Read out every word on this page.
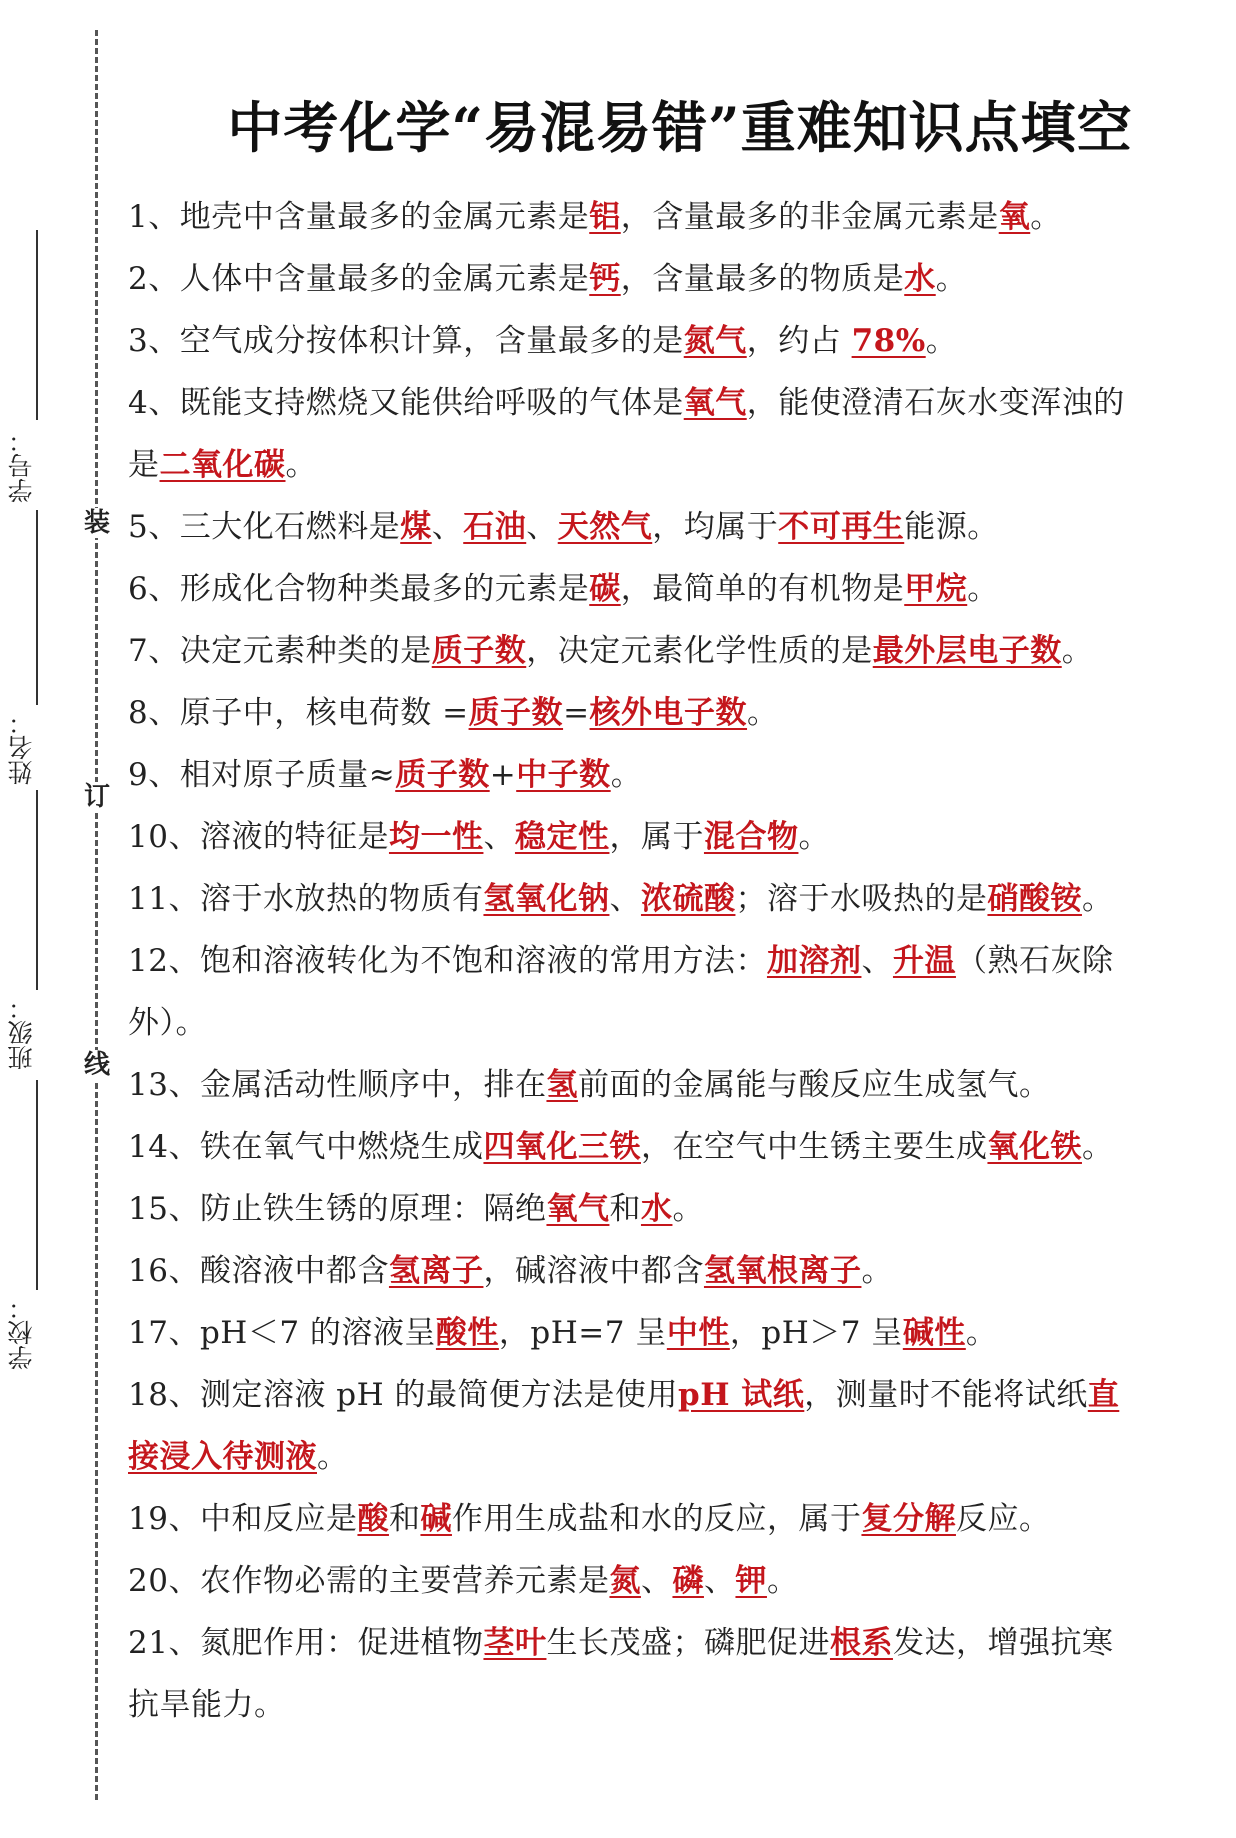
装
订
线
学号：
姓名：
班级：
学校：
中考化学“易混易错”重难知识点填空
1、地壳中含量最多的金属元素是铝，含量最多的非金属元素是氧。
2、人体中含量最多的金属元素是钙，含量最多的物质是水。
3、空气成分按体积计算，含量最多的是氮气，约占 78%。
4、既能支持燃烧又能供给呼吸的气体是氧气，能使澄清石灰水变浑浊的
是二氧化碳。
5、三大化石燃料是煤、石油、天然气，均属于不可再生能源。
6、形成化合物种类最多的元素是碳，最简单的有机物是甲烷。
7、决定元素种类的是质子数，决定元素化学性质的是最外层电子数。
8、原子中，核电荷数 =质子数=核外电子数。
9、相对原子质量≈质子数+中子数。
10、溶液的特征是均一性、稳定性，属于混合物。
11、溶于水放热的物质有氢氧化钠、浓硫酸；溶于水吸热的是硝酸铵。
12、饱和溶液转化为不饱和溶液的常用方法：加溶剂、升温（熟石灰除
外）。
13、金属活动性顺序中，排在氢前面的金属能与酸反应生成氢气。
14、铁在氧气中燃烧生成四氧化三铁，在空气中生锈主要生成氧化铁。
15、防止铁生锈的原理：隔绝氧气和水。
16、酸溶液中都含氢离子，碱溶液中都含氢氧根离子。
17、pH＜7 的溶液呈酸性，pH=7 呈中性，pH＞7 呈碱性。
18、测定溶液 pH 的最简便方法是使用pH 试纸，测量时不能将试纸直
接浸入待测液。
19、中和反应是酸和碱作用生成盐和水的反应，属于复分解反应。
20、农作物必需的主要营养元素是氮、磷、钾。
21、氮肥作用：促进植物茎叶生长茂盛；磷肥促进根系发达，增强抗寒
抗旱能力。
